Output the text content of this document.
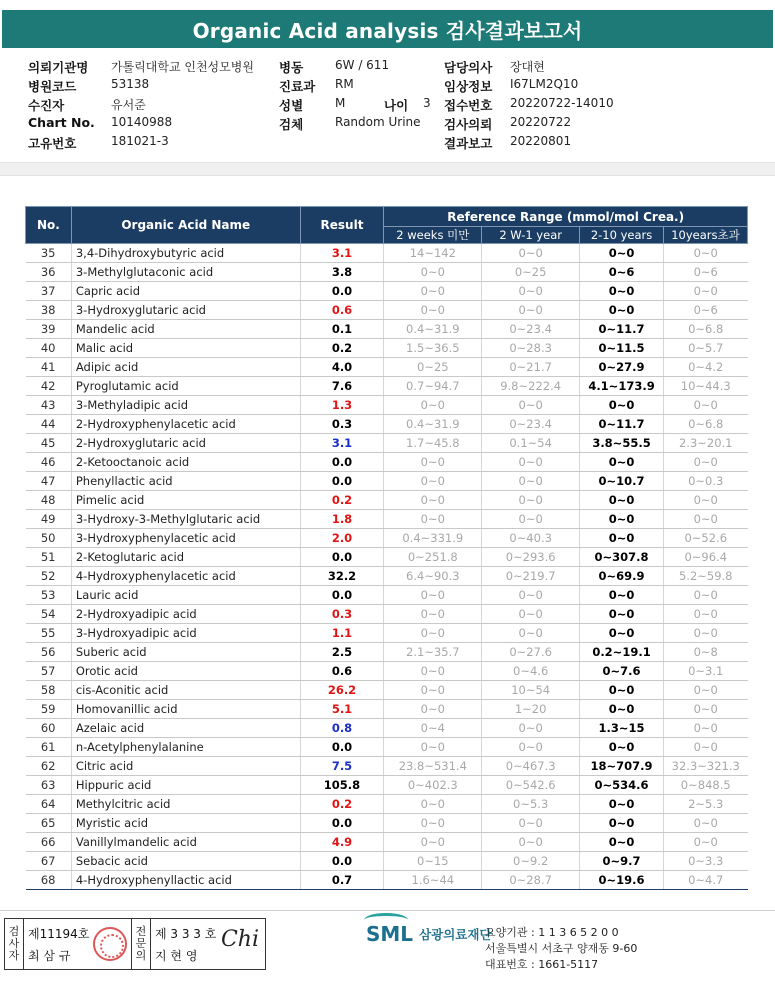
Organic Acid analysis 검사결과보고서
의뢰기관명 가톨릭대학교 인천성모병원 병동	6W / 611	담당의사 장대현
병원코드	53138	진료과 RM	임상정보 I67LM2Q10
수진자	유서준	성별	M	나이 3 접수번호 20220722-14010
Chart No. 10140988	검체	Random Urine 검사의뢰 20220722
고유번호	181021-3	결과보고 20220801
No.	Organic Acid Name	Result	Reference Range (mmol/mol Crea.)			
			2 weeks 미만	2 W-1 year	2-10 years	10years초과
35	3,4-Dihydroxybutyric acid	3.1	14~142	0~0	0~0	0~0
36	3-Methylglutaconic acid	3.8	0~0	0~25	0~6	0~6
37	Capric acid	0.0	0~0	0~0	0~0	0~0
38	3-Hydroxyglutaric acid	0.6	0~0	0~0	0~0	0~6
39	Mandelic acid	0.1	0.4~31.9	0~23.4	0~11.7	0~6.8
40	Malic acid	0.2	1.5~36.5	0~28.3	0~11.5	0~5.7
41	Adipic acid	4.0	0~25	0~21.7	0~27.9	0~4.2
42	Pyroglutamic acid	7.6	0.7~94.7	9.8~222.4	4.1~173.9	10~44.3
43	3-Methyladipic acid	1.3	0~0	0~0	0~0	0~0
44	2-Hydroxyphenylacetic acid	0.3	0.4~31.9	0~23.4	0~11.7	0~6.8
45	2-Hydroxyglutaric acid	3.1	1.7~45.8	0.1~54	3.8~55.5	2.3~20.1
46	2-Ketooctanoic acid	0.0	0~0	0~0	0~0	0~0
47	Phenyllactic acid	0.0	0~0	0~0	0~10.7	0~0.3
48	Pimelic acid	0.2	0~0	0~0	0~0	0~0
49	3-Hydroxy-3-Methylglutaric acid	1.8	0~0	0~0	0~0	0~0
50	3-Hydroxyphenylacetic acid	2.0	0.4~331.9	0~40.3	0~0	0~52.6
51	2-Ketoglutaric acid	0.0	0~251.8	0~293.6	0~307.8	0~96.4
52	4-Hydroxyphenylacetic acid	32.2	6.4~90.3	0~219.7	0~69.9	5.2~59.8
53	Lauric acid	0.0	0~0	0~0	0~0	0~0
54	2-Hydroxyadipic acid	0.3	0~0	0~0	0~0	0~0
55	3-Hydroxyadipic acid	1.1	0~0	0~0	0~0	0~0
56	Suberic acid	2.5	2.1~35.7	0~27.6	0.2~19.1	0~8
57	Orotic acid	0.6	0~0	0~4.6	0~7.6	0~3.1
58	cis-Aconitic acid	26.2	0~0	10~54	0~0	0~0
59	Homovanillic acid	5.1	0~0	1~20	0~0	0~0
60	Azelaic acid	0.8	0~4	0~0	1.3~15	0~0
61	n-Acetylphenylalanine	0.0	0~0	0~0	0~0	0~0
62	Citric acid	7.5	23.8~531.4	0~467.3	18~707.9	32.3~321.3
63	Hippuric acid	105.8	0~402.3	0~542.6	0~534.6	0~848.5
64	Methylcitric acid	0.2	0~0	0~5.3	0~0	2~5.3
65	Myristic acid	0.0	0~0	0~0	0~0	0~0
66	Vanillylmandelic acid	4.9	0~0	0~0	0~0	0~0
67	Sebacic acid	0.0	0~15	0~9.2	0~9.7	0~3.3
68	4-Hydroxyphenyllactic acid	0.7	1.6~44	0~28.7	0~19.6	0~4.7
검
사
자
제11194호
최 삼 규
전
문
의
제 3 3 3 호
지 현 영
Chi	SML 삼광의료재단
요양기관 : 1 1 3 6 5 2 0 0
서울특별시 서초구 양재동 9-60
대표번호 : 1661-5117
